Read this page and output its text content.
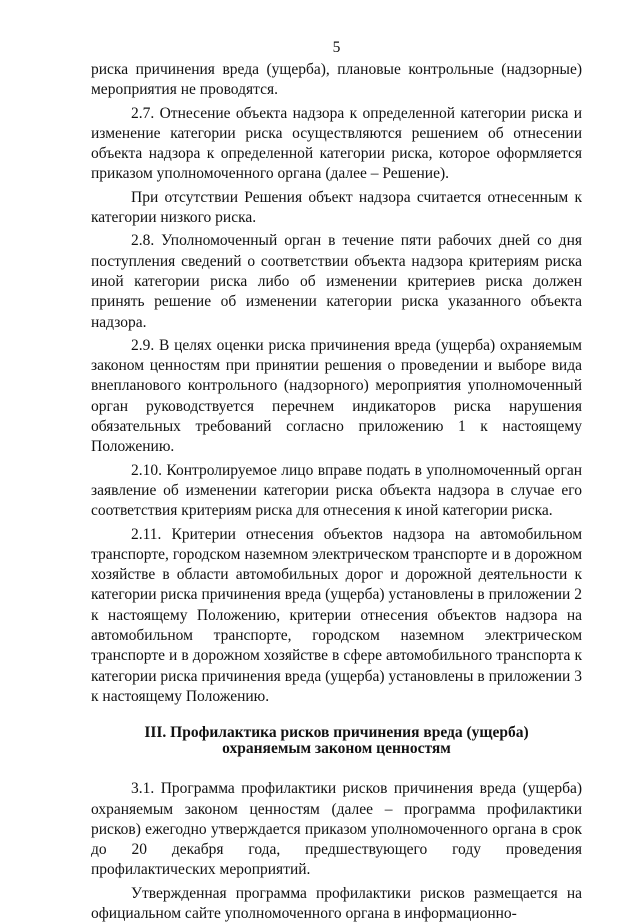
5

риска причинения вреда (ущерба), плановые контрольные (надзорные) мероприятия не проводятся.

2.7. Отнесение объекта надзора к определенной категории риска и изменение категории риска осуществляются решением об отнесении объекта надзора к определенной категории риска, которое оформляется приказом уполномоченного органа (далее – Решение).

При отсутствии Решения объект надзора считается отнесенным к категории низкого риска.

2.8. Уполномоченный орган в течение пяти рабочих дней со дня поступления сведений о соответствии объекта надзора критериям риска иной категории риска либо об изменении критериев риска должен принять решение об изменении категории риска указанного объекта надзора.

2.9. В целях оценки риска причинения вреда (ущерба) охраняемым законом ценностям при принятии решения о проведении и выборе вида внепланового контрольного (надзорного) мероприятия уполномоченный орган руководствуется перечнем индикаторов риска нарушения обязательных требований согласно приложению 1 к настоящему Положению.

2.10. Контролируемое лицо вправе подать в уполномоченный орган заявление об изменении категории риска объекта надзора в случае его соответствия критериям риска для отнесения к иной категории риска.

2.11. Критерии отнесения объектов надзора на автомобильном транспорте, городском наземном электрическом транспорте и в дорожном хозяйстве в области автомобильных дорог и дорожной деятельности к категории риска причинения вреда (ущерба) установлены в приложении 2 к настоящему Положению, критерии отнесения объектов надзора на автомобильном транспорте, городском наземном электрическом транспорте и в дорожном хозяйстве в сфере автомобильного транспорта к категории риска причинения вреда (ущерба) установлены в приложении 3 к настоящему Положению.

III. Профилактика рисков причинения вреда (ущерба)
охраняемым законом ценностям

3.1. Программа профилактики рисков причинения вреда (ущерба) охраняемым законом ценностям (далее – программа профилактики рисков) ежегодно утверждается приказом уполномоченного органа в срок до 20 декабря года, предшествующего году проведения профилактических мероприятий.

Утвержденная программа профилактики рисков размещается на официальном сайте уполномоченного органа в информационно-
